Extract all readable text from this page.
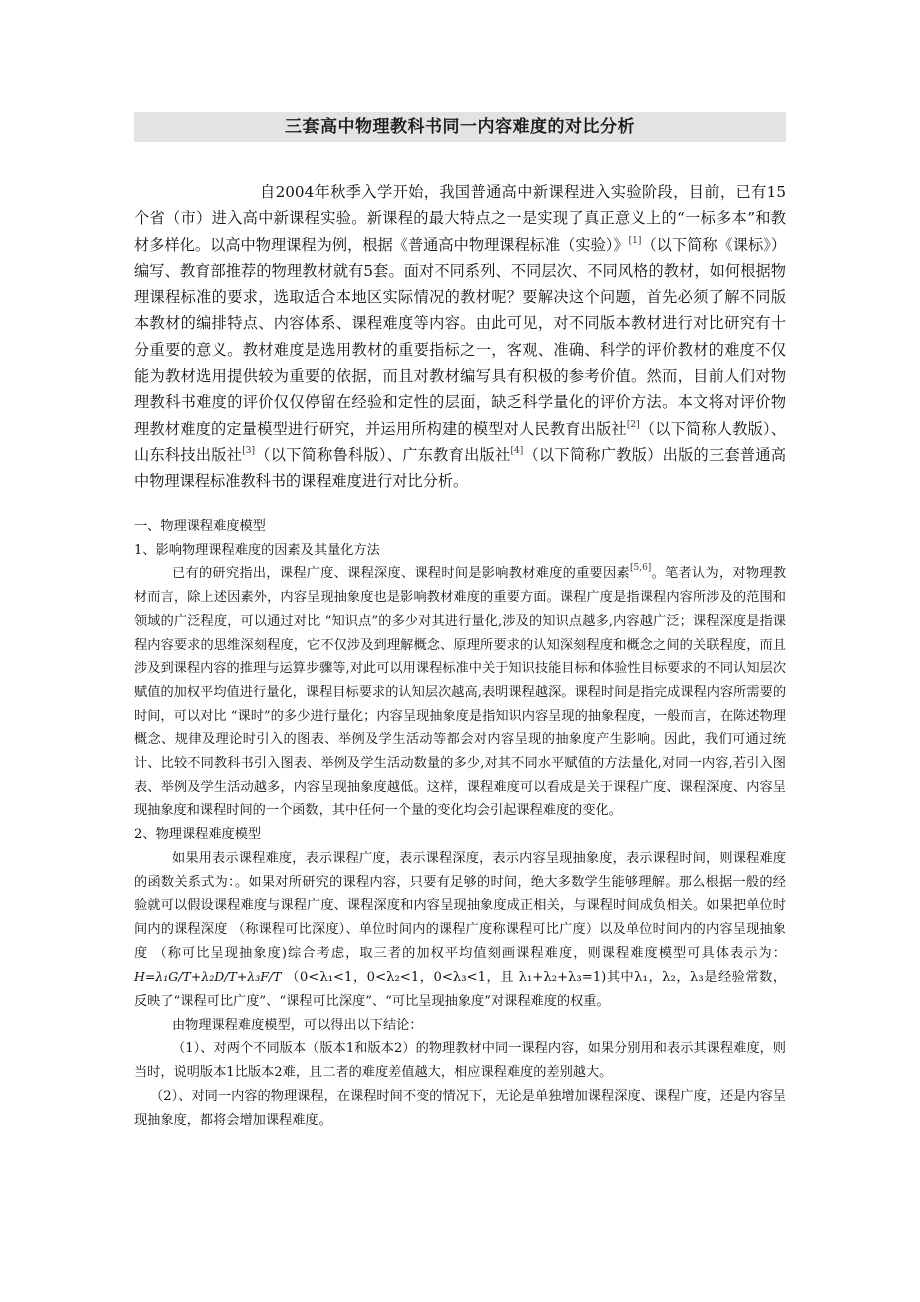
三套高中物理教科书同一内容难度的对比分析

自2004年秋季入学开始，我国普通高中新课程进入实验阶段，目前，已有15个省（市）进入高中新课程实验。新课程的最大特点之一是实现了真正意义上的“一标多本”和教材多样化。以高中物理课程为例，根据《普通高中物理课程标准（实验）》[1]（以下简称《课标》）编写、教育部推荐的物理教材就有5套。面对不同系列、不同层次、不同风格的教材，如何根据物理课程标准的要求，选取适合本地区实际情况的教材呢？要解决这个问题，首先必须了解不同版本教材的编排特点、内容体系、课程难度等内容。由此可见，对不同版本教材进行对比研究有十分重要的意义。教材难度是选用教材的重要指标之一，客观、准确、科学的评价教材的难度不仅能为教材选用提供较为重要的依据，而且对教材编写具有积极的参考价值。然而，目前人们对物理教科书难度的评价仅仅停留在经验和定性的层面，缺乏科学量化的评价方法。本文将对评价物理教材难度的定量模型进行研究，并运用所构建的模型对人民教育出版社[2]（以下简称人教版）、山东科技出版社[3]（以下简称鲁科版）、广东教育出版社[4]（以下简称广教版）出版的三套普通高中物理课程标准教科书的课程难度进行对比分析。

一、物理课程难度模型

1、影响物理课程难度的因素及其量化方法

已有的研究指出，课程广度、课程深度、课程时间是影响教材难度的重要因素[5,6]。笔者认为，对物理教材而言，除上述因素外，内容呈现抽象度也是影响教材难度的重要方面。课程广度是指课程内容所涉及的范围和领域的广泛程度，可以通过对比 “知识点”的多少对其进行量化,涉及的知识点越多,内容越广泛；课程深度是指课程内容要求的思维深刻程度，它不仅涉及到理解概念、原理所要求的认知深刻程度和概念之间的关联程度，而且涉及到课程内容的推理与运算步骤等,对此可以用课程标准中关于知识技能目标和体验性目标要求的不同认知层次赋值的加权平均值进行量化，课程目标要求的认知层次越高,表明课程越深。课程时间是指完成课程内容所需要的时间，可以对比 “课时”的多少进行量化；内容呈现抽象度是指知识内容呈现的抽象程度，一般而言，在陈述物理概念、规律及理论时引入的图表、举例及学生活动等都会对内容呈现的抽象度产生影响。因此，我们可通过统计、比较不同教科书引入图表、举例及学生活动数量的多少,对其不同水平赋值的方法量化,对同一内容,若引入图表、举例及学生活动越多，内容呈现抽象度越低。这样，课程难度可以看成是关于课程广度、课程深度、内容呈现抽象度和课程时间的一个函数，其中任何一个量的变化均会引起课程难度的变化。

2、物理课程难度模型

如果用表示课程难度，表示课程广度，表示课程深度，表示内容呈现抽象度，表示课程时间，则课程难度的函数关系式为：。如果对所研究的课程内容，只要有足够的时间，绝大多数学生能够理解。那么根据一般的经验就可以假设课程难度与课程广度、课程深度和内容呈现抽象度成正相关，与课程时间成负相关。如果把单位时间内的课程深度 （称课程可比深度）、单位时间内的课程广度称课程可比广度）以及单位时间内的内容呈现抽象度 （称可比呈现抽象度)综合考虑，取三者的加权平均值刻画课程难度，则课程难度模型可具体表示为：H=λ₁G/T+λ₂D/T+λ₃F/T （0<λ₁<1，0<λ₂<1，0<λ₃<1，且 λ₁+λ₂+λ₃=1)其中λ₁，λ₂，λ₃是经验常数，反映了“课程可比广度”、“课程可比深度”、“可比呈现抽象度”对课程难度的权重。

由物理课程难度模型，可以得出以下结论：

（1）、对两个不同版本（版本1和版本2）的物理教材中同一课程内容，如果分别用和表示其课程难度，则当时，说明版本1比版本2难，且二者的难度差值越大，相应课程难度的差别越大。

（2）、对同一内容的物理课程，在课程时间不变的情况下，无论是单独增加课程深度、课程广度，还是内容呈现抽象度，都将会增加课程难度。
